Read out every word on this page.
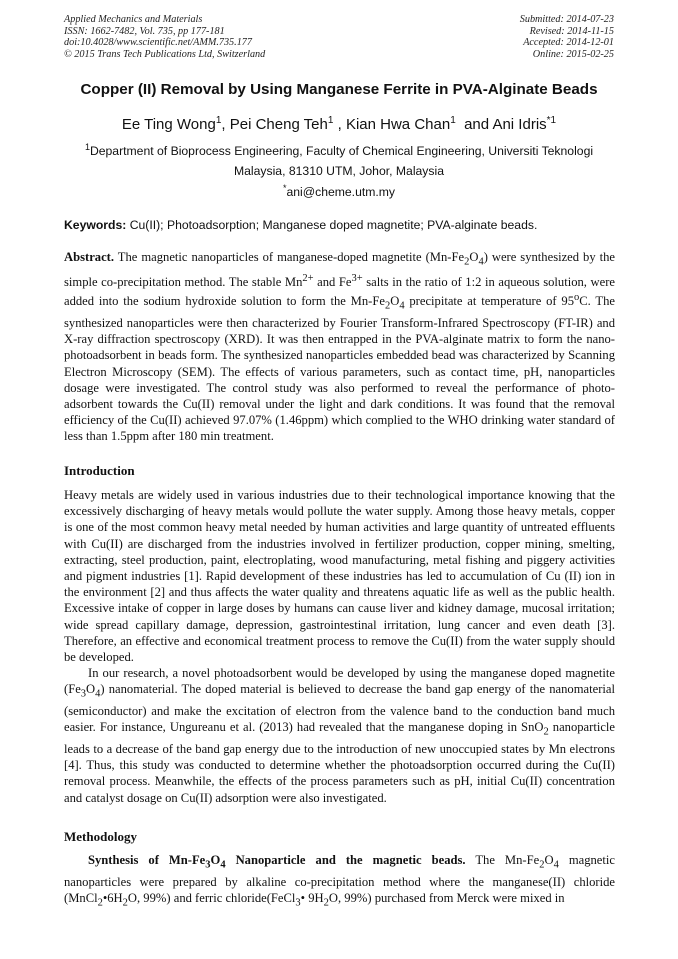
Applied Mechanics and Materials
ISSN: 1662-7482, Vol. 735, pp 177-181
doi:10.4028/www.scientific.net/AMM.735.177
© 2015 Trans Tech Publications Ltd, Switzerland
Submitted: 2014-07-23
Revised: 2014-11-15
Accepted: 2014-12-01
Online: 2015-02-25
Copper (II) Removal by Using Manganese Ferrite in PVA-Alginate Beads
Ee Ting Wong$^1$, Pei Cheng Teh$^1$ , Kian Hwa Chan$^1$ and Ani Idris$^{*1}$
$^1$Department of Bioprocess Engineering, Faculty of Chemical Engineering, Universiti Teknologi
Malaysia, 81310 UTM, Johor, Malaysia
*ani@cheme.utm.my
Keywords: Cu(II); Photoadsorption; Manganese doped magnetite; PVA-alginate beads.

Abstract. The magnetic nanoparticles of manganese-doped magnetite $(Mn-Fe_2O_4)$ were synthesized by the simple co-precipitation method. The stable $Mn^{2+}$ and $Fe^{3+}$ salts in the ratio of 1:2 in aqueous solution, were added into the sodium hydroxide solution to form the $Mn-Fe_2O_4$ precipitate at temperature of 95$^o$C. The synthesized nanoparticles were then characterized by Fourier Transform-Infrared Spectroscopy (FT-IR) and X-ray diffraction spectroscopy (XRD). It was then entrapped in the PVA-alginate matrix to form the nano-photoadsorbent in beads form. The synthesized nanoparticles embedded bead was characterized by Scanning Electron Microscopy (SEM). The effects of various parameters, such as contact time, pH, nanoparticles dosage were investigated. The control study was also performed to reveal the performance of photo-adsorbent towards the Cu(II) removal under the light and dark conditions. It was found that the removal efficiency of the Cu(II) achieved 97.07% (1.46ppm) which complied to the WHO drinking water standard of less than 1.5ppm after 180 min treatment.

Introduction

Heavy metals are widely used in various industries due to their technological importance knowing that the excessively discharging of heavy metals would pollute the water supply. Among those heavy metals, copper is one of the most common heavy metal needed by human activities and large quantity of untreated effluents with Cu(II) are discharged from the industries involved in fertilizer production, copper mining, smelting, extracting, steel production, paint, electroplating, wood manufacturing, metal fishing and piggery activities and pigment industries [1]. Rapid development of these industries has led to accumulation of Cu (II) ion in the environment [2] and thus affects the water quality and threatens aquatic life as well as the public health. Excessive intake of copper in large doses by humans can cause liver and kidney damage, mucosal irritation; wide spread capillary damage, depression, gastrointestinal irritation, lung cancer and even death [3]. Therefore, an effective and economical treatment process to remove the Cu(II) from the water supply should be developed.

In our research, a novel photoadsorbent would be developed by using the manganese doped magnetite $(Fe_3O_4)$ nanomaterial. The doped material is believed to decrease the band gap energy of the nanomaterial (semiconductor) and make the excitation of electron from the valence band to the conduction band much easier. For instance, Ungureanu et al. (2013) had revealed that the manganese doping in SnO$_2$ nanoparticle leads to a decrease of the band gap energy due to the introduction of new unoccupied states by Mn electrons [4]. Thus, this study was conducted to determine whether the photoadsorption occurred during the Cu(II) removal process. Meanwhile, the effects of the process parameters such as pH, initial Cu(II) concentration and catalyst dosage on Cu(II) adsorption were also investigated.

Methodology

Synthesis of $Mn-Fe_3O_4$ Nanoparticle and the magnetic beads. The $Mn-Fe_2O_4$ magnetic nanoparticles were prepared by alkaline co-precipitation method where the manganese(II) chloride ($MnCl_2•6H_2O$, 99%) and ferric chloride(FeCl$_3$• $9H_2O$, 99%) purchased from Merck were mixed in
